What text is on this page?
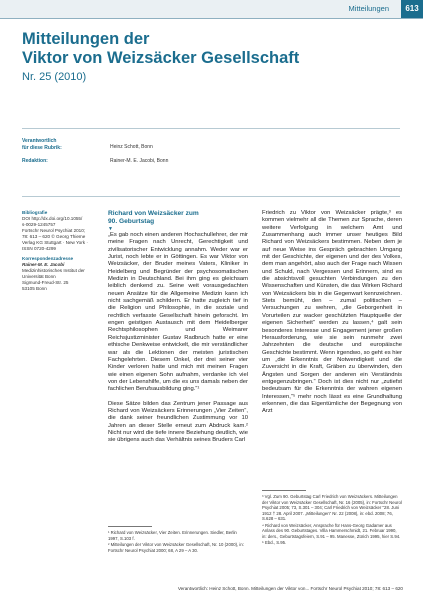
Mitteilungen	613
Mitteilungen der
Viktor von Weizsäcker Gesellschaft
Nr. 25 (2010)
Verantwortlich
für diese Rubrik:	Heinz Schott, Bonn
Redaktion:	Rainer-M. E. Jacobi, Bonn
Bibliografie
DOI http://dx.doi.org/10.1055/
s-0029-1245757
Fortschr Neurol Psychiat 2010;
78: 613 – 620 © Georg Thieme
Verlag KG Stuttgart · New York ·
ISSN 0720-4299
Korrespondenzadresse
Rainer-M. E. Jacobi
Medizinhistorisches Institut der
Universität Bonn
Sigmund-Freud-Str. 25
53105 Bonn
Richard von Weizsäcker zum
90. Geburtstag
▼

„Es gab noch einen anderen Hochschullehrer, der mir meine Fragen nach Unrecht, Gerechtigkeit und zivilisatorischer Entwicklung annahm. Weder war er Jurist, noch lebte er in Göttingen. Es war Viktor von Weizsäcker, der Bruder meines Vaters, Kliniker in Heidelberg und Begründer der psychosomatischen Medizin in Deutschland. Bei ihm ging es gleichsam leiblich denkend zu. Seine weit vorausgedachten neuen Ansätze für die Allgemeine Medizin kann ich nicht sachgemäß schildern. Er hatte zugleich tief in die Religion und Philosophie, in die soziale und rechtlich verfasste Gesellschaft hinein geforscht. Im engen geistigen Austausch mit dem Heidelberger Rechtsphilosophen und Weimarer Reichsjustizminister Gustav Radbruch hatte er eine ethische Denkweise entwickelt, die mir verständlicher war als die Lektionen der meisten juristischen Fachgelehrten. Diesem Onkel, der drei seiner vier Kinder verloren hatte und mich mit meinen Fragen wie einen eigenen Sohn aufnahm, verdanke ich viel von der Lebenshilfe, um die es uns damals neben der fachlichen Berufsausbildung ging.“¹

Diese Sätze bilden das Zentrum jener Passage aus Richard von Weizsäckers Erinnerungen „Vier Zeiten“, die dank seiner freundlichen Zustimmung vor 10 Jahren an dieser Stelle erneut zum Abdruck kam.² Nicht nur wird die tiefe innere Beziehung deutlich, wie sie übrigens auch das Verhältnis seines Bruders Carl

Friedrich zu Viktor von Weizsäcker prägte,³ es kommen vielmehr all die Themen zur Sprache, deren weitere Verfolgung in welchem Amt und Zusammenhang auch immer unser heutiges Bild Richard von Weizsäckers bestimmen. Neben dem je auf neue Weise ins Gespräch gebrachten Umgang mit der Geschichte, der eigenen und der des Volkes, dem man angehört, also auch der Frage nach Wissen und Schuld, nach Vergessen und Erinnern, sind es die absichtsvoll gesuchten Verbindungen zu den Wissenschaften und Künsten, die das Wirken Richard von Weizsäckers bis in die Gegenwart kennzeichnen. Stets bemüht, den – zumal politischen – Versuchungen zu wehren, „die Geborgenheit in Vorurteilen zur wacker geschützten Hauptquelle der eigenen Sicherheit“ werden zu lassen,⁴ galt sein besonderes Interesse und Engagement jener großen Herausforderung, wie sie sein nunmehr zwei Jahrzehnten die deutsche und europäische Geschichte bestimmt. Wenn irgendwo, so geht es hier um „die Erkenntnis der Notwendigkeit und die Zuversicht in die Kraft, Gräben zu überwinden, den Ängsten und Sorgen der anderen ein Verständnis entgegenzubringen.“ Doch ist dies nicht nur „zutiefst bedeutsam für die Erkenntnis der wahren eigenen Interessen,“⁵ mehr noch lässt es eine Grundhaltung erkennen, die das Eigentümliche der Begegnung von Arzt

¹ Richard von Weizsäcker, Vier Zeiten. Erinnerungen. Siedler, Berlin 1997, S.103 f.
² Mitteilungen der Viktor von Weizsäcker Gesellschaft, Nr. 10 (2000), in: Fortschr Neurol Psychiat 2000; 68, A 29 – A 30.
³ Vgl. Zum 90. Geburtstag Carl Friedrich von Weizsäckers. Mitteilungen der Viktor von Weizsäcker Gesellschaft, Nr. 16 (2005), in: Fortschr Neurol Psychiat 2005; 73, S.301 – 304; Carl Friedrich von Weizsäcker "28. Juni 1912 † 28. April 2007. „Mitteilungen“ Nr. 22 (2008), in: ebd. 2008; 76, S.628 – 631.
⁴ Richard von Weizsäcker, Ansprache für Hans-Georg Gadamer aus Anlass des 90. Geburtstages. Villa Hammerschmidt, 21. Februar 1990, in: ders., Geburtstagsfeiern, S.91 – 95. Manesse, Zürich 1995, hier S.94.
⁵ Ebd., S.95.
Verantwortlich: Heinz Schott, Bonn. Mitteilungen der Viktor von... Fortschr Neurol Psychiat 2010; 78: 613 – 620
